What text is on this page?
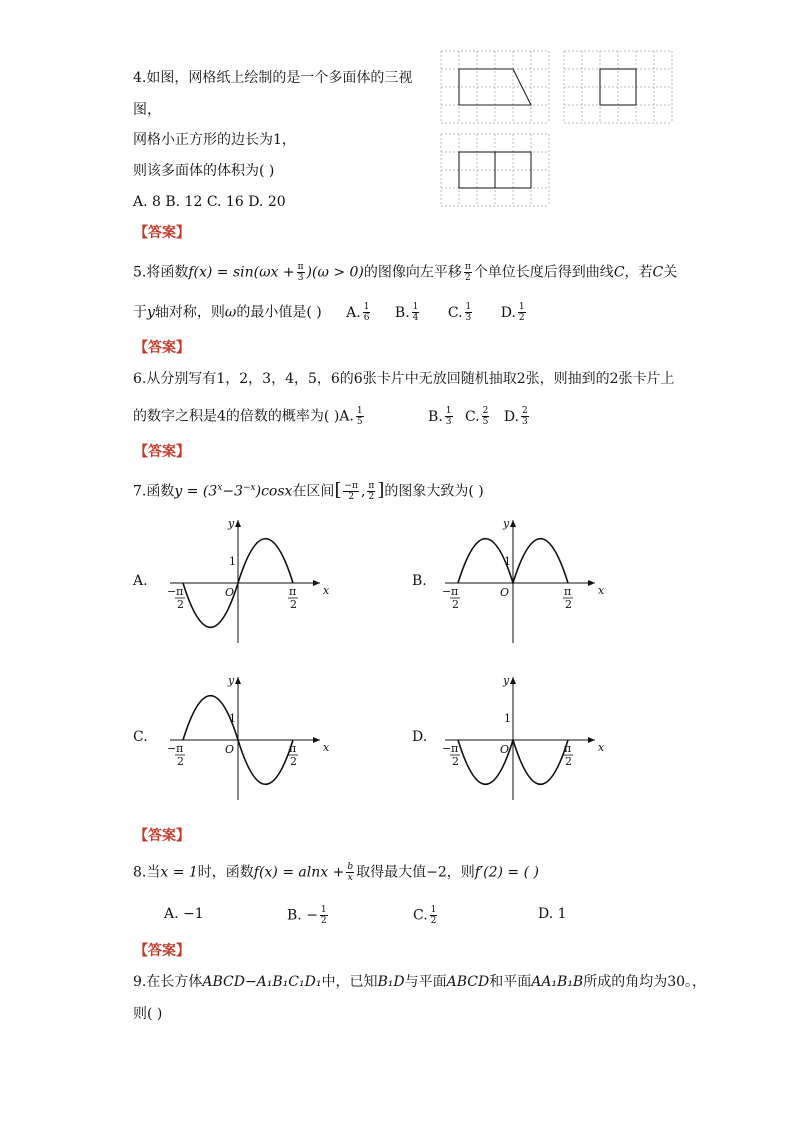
4.如图，网格纸上绘制的是一个多面体的三视
图，
网格小正方形的边长为1，
则该多面体的体积为( )
A. 8 B. 12 C. 16 D. 20
【答案】
5.将函数$f(x) = \sin(\omega x + \frac{\pi}{3} )(\omega > 0)$的图像向左平移 $\frac{\pi}{2}$ 个单位长度后得到曲线C，若C关
于y轴对称，则ω的最小值是( ) A. $\frac{1}{6} B$. $\frac{1}{4} C$. $\frac{1}{3} D$. $\frac{1}{2}$
【答案】
6.从分别写有1，2，3，4，5，6的6张卡片中无放回随机抽取2张，则抽到的2张卡片上
的数字之积是4的倍数的概率为( )A. $\frac{1}{5}$	B. $\frac{1}{3} C$. $\frac{2}{5} D$. $\frac{2}{3}$
【答案】
7.函数$y = (3^x-3^{-x})\cos x$在区间[ $\frac{-\pi}{2}$ , $\frac{\pi}{2}$ ]的图象大致为( )
A.	B.
C.	D.
x
y
O
1
− π
2
π
2
x
y
O
1
− π
2
π
2
x
y
O
1
− π
2
π
2
x
y
O
1
− π
2
π
2
【答案】
8.当x = 1时，函数$f(x) = alnx + \frac{b}{x}$ 取得最大值−2，则f′(2) = ( )
A. −1	B. − $\frac{1}{2}$	C. $\frac{1}{2}$	D. 1
【答案】
9.在长方体ABCD−A₁B₁C₁D₁中，已知B₁D与平面ABCD和平面AA₁B₁B所成的角均为30。，
则( )
